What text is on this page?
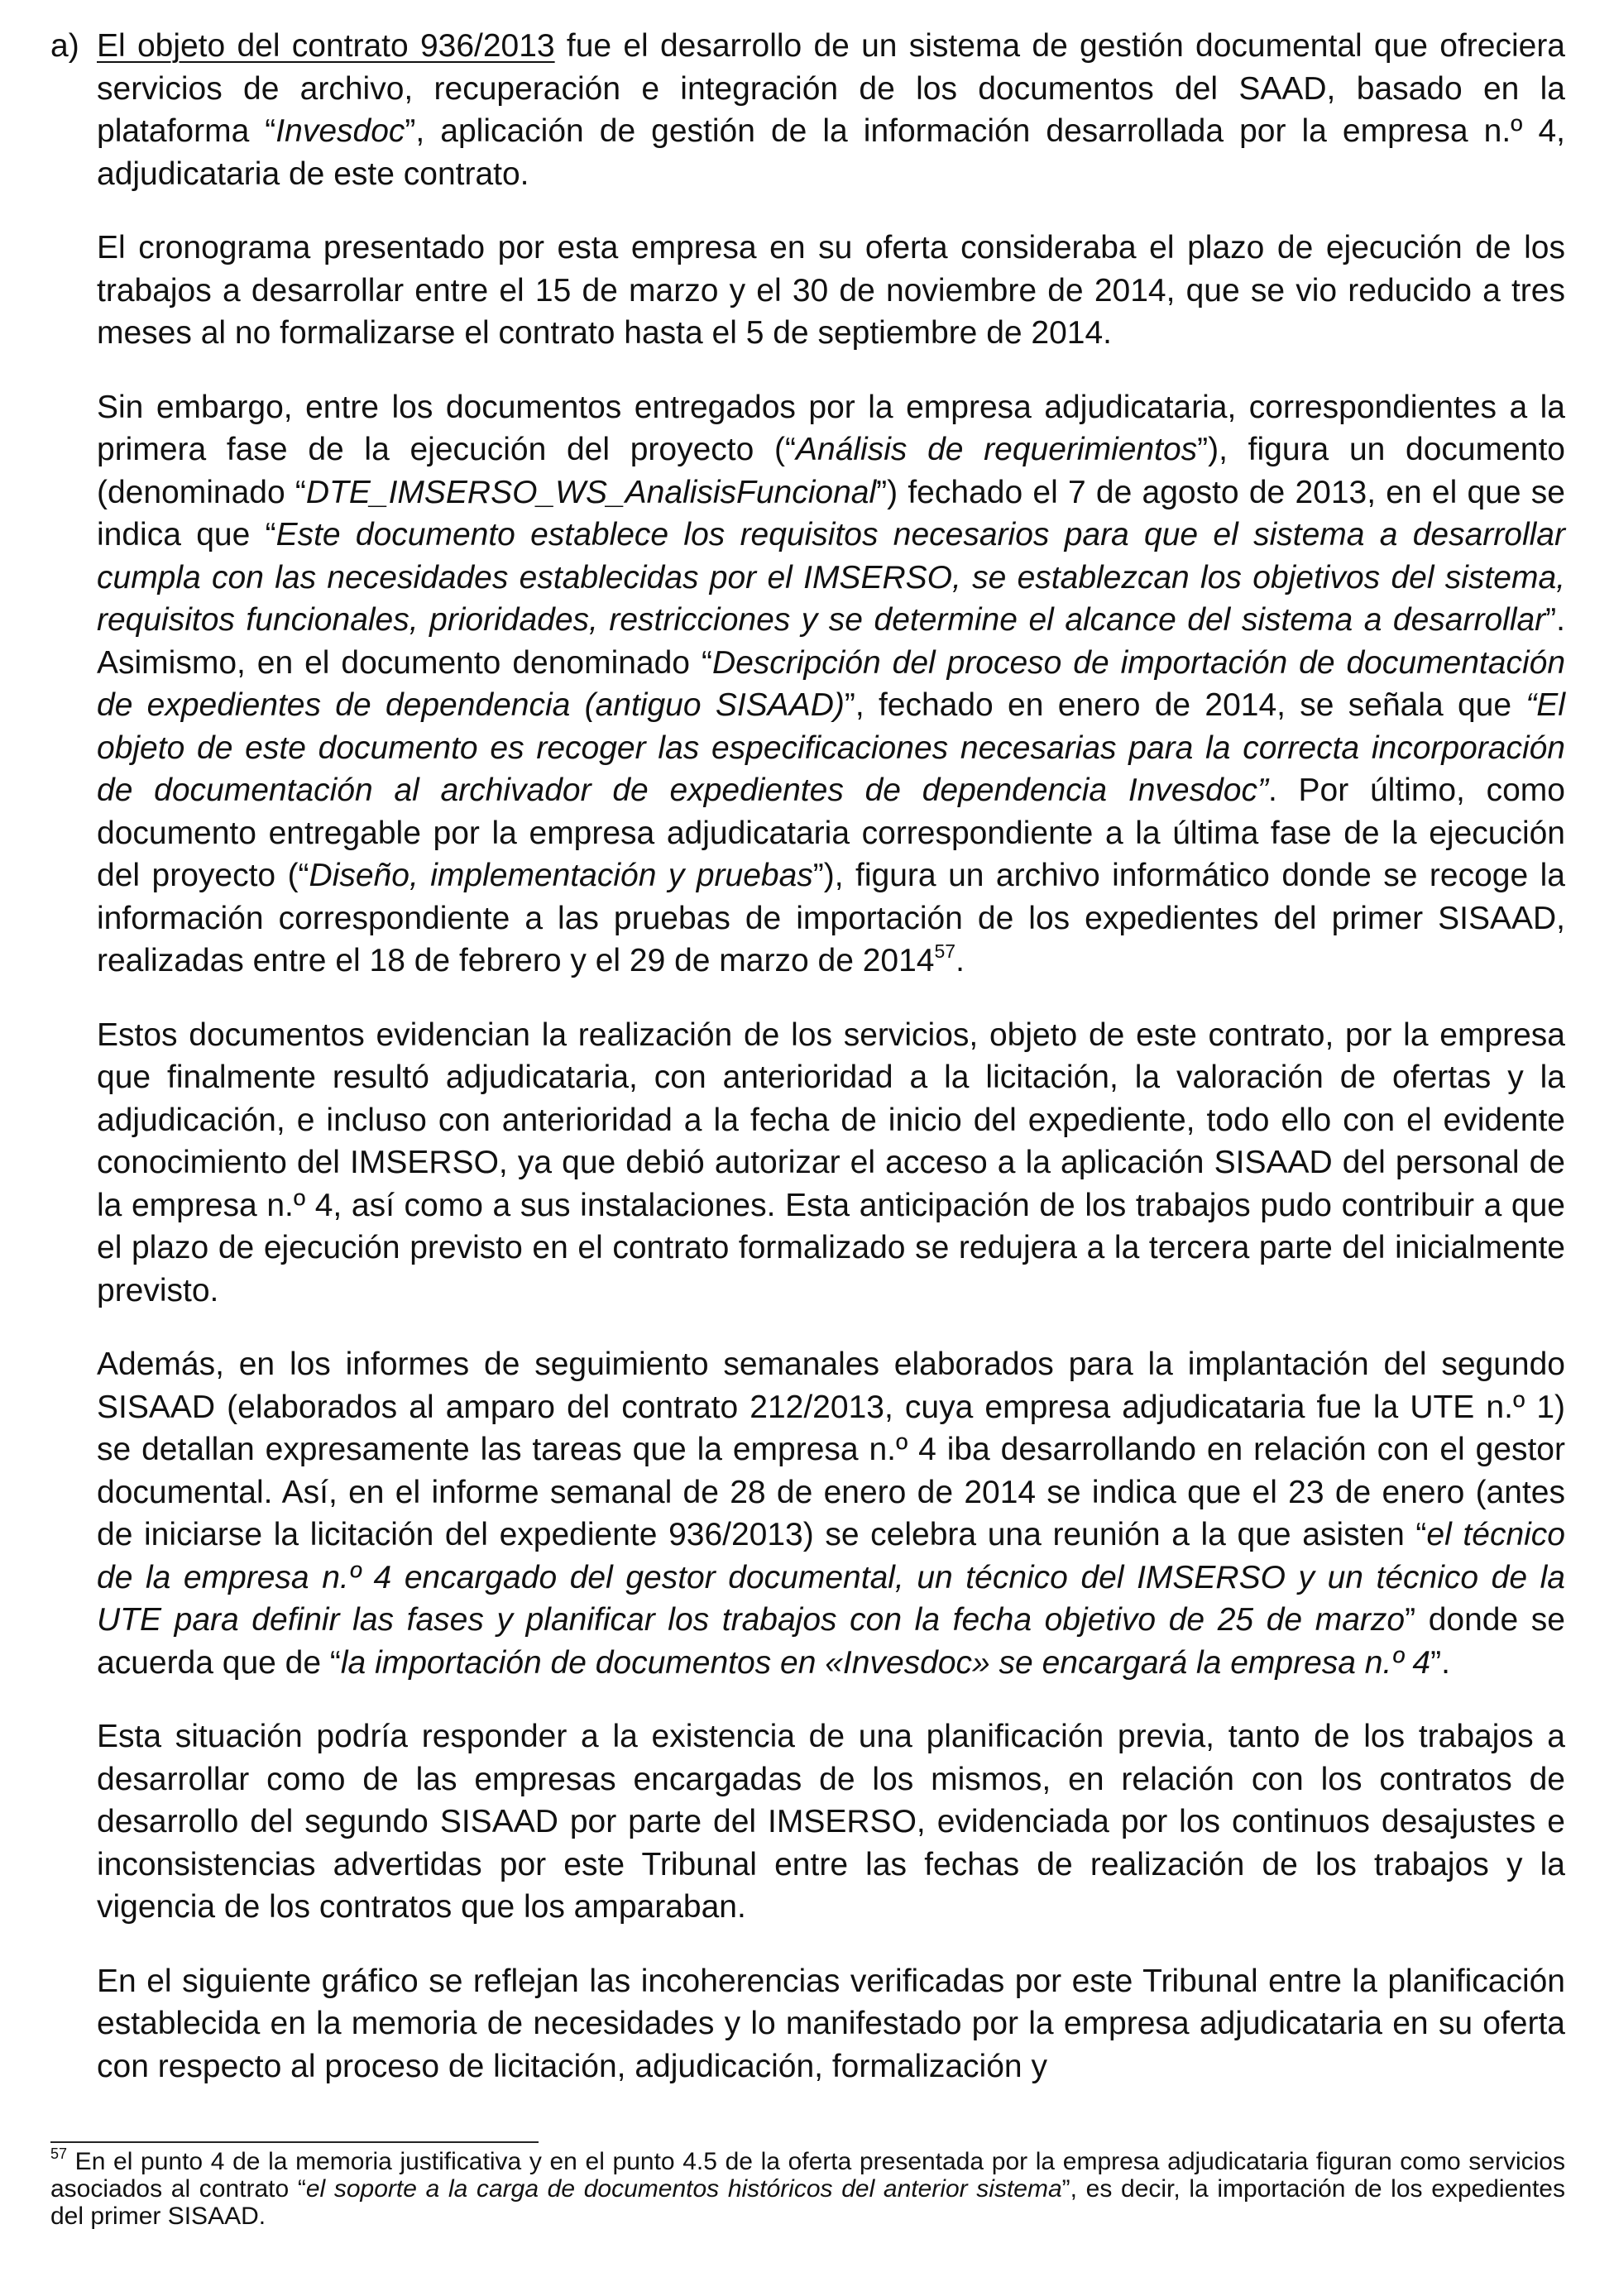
a) El objeto del contrato 936/2013 fue el desarrollo de un sistema de gestión documental que ofreciera servicios de archivo, recuperación e integración de los documentos del SAAD, basado en la plataforma “Invesdoc”, aplicación de gestión de la información desarrollada por la empresa n.º 4, adjudicataria de este contrato.

El cronograma presentado por esta empresa en su oferta consideraba el plazo de ejecución de los trabajos a desarrollar entre el 15 de marzo y el 30 de noviembre de 2014, que se vio reducido a tres meses al no formalizarse el contrato hasta el 5 de septiembre de 2014.

Sin embargo, entre los documentos entregados por la empresa adjudicataria, correspondientes a la primera fase de la ejecución del proyecto (“Análisis de requerimientos”), figura un documento (denominado “DTE_IMSERSO_WS_AnalisisFuncional”) fechado el 7 de agosto de 2013, en el que se indica que “Este documento establece los requisitos necesarios para que el sistema a desarrollar cumpla con las necesidades establecidas por el IMSERSO, se establezcan los objetivos del sistema, requisitos funcionales, prioridades, restricciones y se determine el alcance del sistema a desarrollar”. Asimismo, en el documento denominado “Descripción del proceso de importación de documentación de expedientes de dependencia (antiguo SISAAD)”, fechado en enero de 2014, se señala que “El objeto de este documento es recoger las especificaciones necesarias para la correcta incorporación de documentación al archivador de expedientes de dependencia Invesdoc”. Por último, como documento entregable por la empresa adjudicataria correspondiente a la última fase de la ejecución del proyecto (“Diseño, implementación y pruebas”), figura un archivo informático donde se recoge la información correspondiente a las pruebas de importación de los expedientes del primer SISAAD, realizadas entre el 18 de febrero y el 29 de marzo de 2014$^{57}$.

Estos documentos evidencian la realización de los servicios, objeto de este contrato, por la empresa que finalmente resultó adjudicataria, con anterioridad a la licitación, la valoración de ofertas y la adjudicación, e incluso con anterioridad a la fecha de inicio del expediente, todo ello con el evidente conocimiento del IMSERSO, ya que debió autorizar el acceso a la aplicación SISAAD del personal de la empresa n.º 4, así como a sus instalaciones. Esta anticipación de los trabajos pudo contribuir a que el plazo de ejecución previsto en el contrato formalizado se redujera a la tercera parte del inicialmente previsto.

Además, en los informes de seguimiento semanales elaborados para la implantación del segundo SISAAD (elaborados al amparo del contrato 212/2013, cuya empresa adjudicataria fue la UTE n.º 1) se detallan expresamente las tareas que la empresa n.º 4 iba desarrollando en relación con el gestor documental. Así, en el informe semanal de 28 de enero de 2014 se indica que el 23 de enero (antes de iniciarse la licitación del expediente 936/2013) se celebra una reunión a la que asisten “el técnico de la empresa n.º 4 encargado del gestor documental, un técnico del IMSERSO y un técnico de la UTE para definir las fases y planificar los trabajos con la fecha objetivo de 25 de marzo” donde se acuerda que de “la importación de documentos en «Invesdoc» se encargará la empresa n.º 4”.

Esta situación podría responder a la existencia de una planificación previa, tanto de los trabajos a desarrollar como de las empresas encargadas de los mismos, en relación con los contratos de desarrollo del segundo SISAAD por parte del IMSERSO, evidenciada por los continuos desajustes e inconsistencias advertidas por este Tribunal entre las fechas de realización de los trabajos y la vigencia de los contratos que los amparaban.

En el siguiente gráfico se reflejan las incoherencias verificadas por este Tribunal entre la planificación establecida en la memoria de necesidades y lo manifestado por la empresa adjudicataria en su oferta con respecto al proceso de licitación, adjudicación, formalización y

$^{57}$ En el punto 4 de la memoria justificativa y en el punto 4.5 de la oferta presentada por la empresa adjudicataria figuran como servicios asociados al contrato “el soporte a la carga de documentos históricos del anterior sistema”, es decir, la importación de los expedientes del primer SISAAD.
